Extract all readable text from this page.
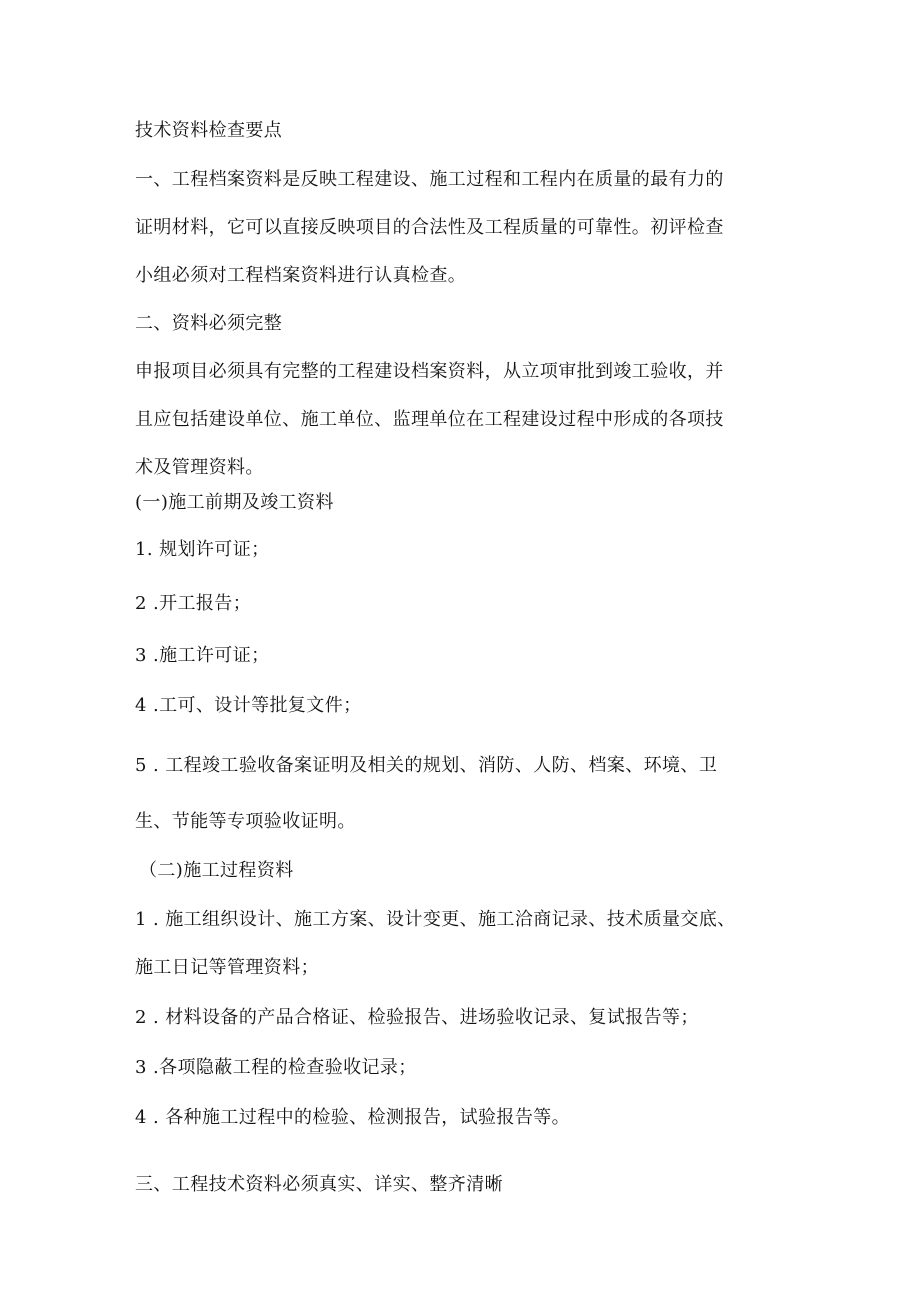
技术资料检查要点
一、工程档案资料是反映工程建设、施工过程和工程内在质量的最有力的
证明材料，它可以直接反映项目的合法性及工程质量的可靠性。初评检查
小组必须对工程档案资料进行认真检查。
二、资料必须完整
申报项目必须具有完整的工程建设档案资料，从立项审批到竣工验收，并
且应包括建设单位、施工单位、监理单位在工程建设过程中形成的各项技
术及管理资料。
(一)施工前期及竣工资料
1. 规划许可证；
2 .开工报告；
3 .施工许可证；
4 .工可、设计等批复文件；
5 . 工程竣工验收备案证明及相关的规划、消防、人防、档案、环境、卫
生、节能等专项验收证明。
（二)施工过程资料
1 . 施工组织设计、施工方案、设计变更、施工洽商记录、技术质量交底、
施工日记等管理资料；
2 . 材料设备的产品合格证、检验报告、进场验收记录、复试报告等；
3 .各项隐蔽工程的检查验收记录；
4 . 各种施工过程中的检验、检测报告，试验报告等。
三、工程技术资料必须真实、详实、整齐清晰
